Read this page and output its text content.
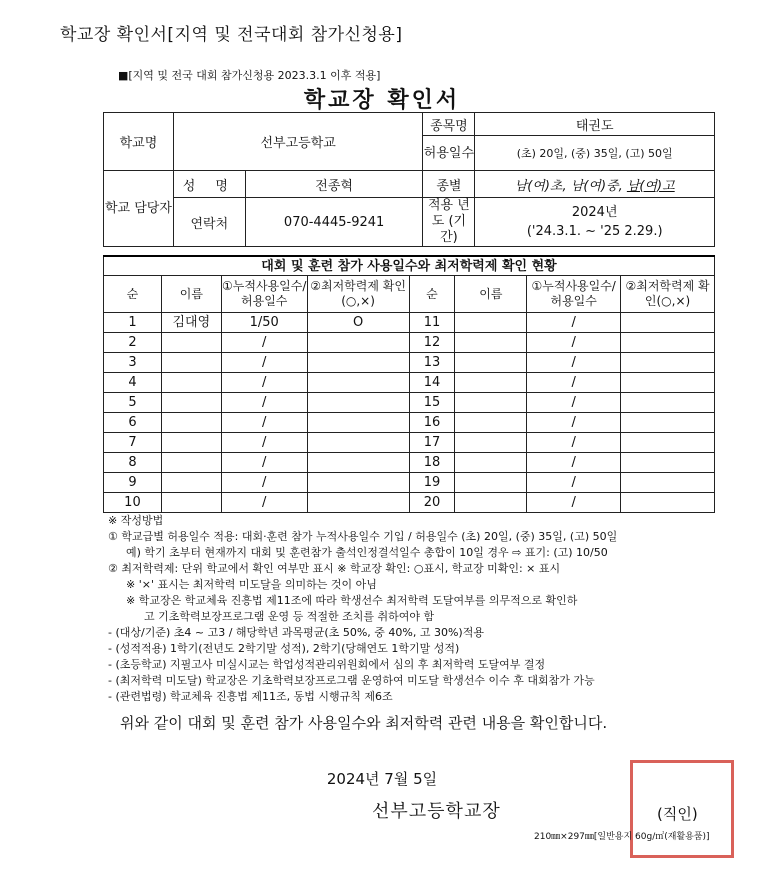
학교장 확인서[지역 및 전국대회 참가신청용]
■[지역 및 전국 대회 참가신청용 2023.3.1 이후 적용]
학교장 확인서
학교명	선부고등학교		종목명	태권도
			허용일수	(초) 20일, (중) 35일, (고) 50일
학교 담당자	성 명	전종혁	종별	남(여)초, 남(여)중, 남(여)고
	연락처	070-4445-9241	적용 년도 (기간)	2024년
('24.3.1. ~ '25 2.29.)
대회 및 훈련 참가 사용일수와 최저학력제 확인 현황							
순	이름	①누적사용일수/허용일수	②최저학력제 확인(○,×)	순	이름	①누적사용일수/허용일수	②최저학력제 확인(○,×)
1	김대영	1/50	O	11		/	
2		/		12		/	
3		/		13		/	
4		/		14		/	
5		/		15		/	
6		/		16		/	
7		/		17		/	
8		/		18		/	
9		/		19		/	
10		/		20		/	
※ 작성방법
① 학교급별 허용일수 적용: 대회·훈련 참가 누적사용일수 기입 / 허용일수 (초) 20일, (중) 35일, (고) 50일
예) 학기 초부터 현재까지 대회 및 훈련참가 출석인정결석일수 총합이 10일 경우 ⇨ 표기: (고) 10/50
② 최저학력제: 단위 학교에서 확인 여부만 표시 ※ 학교장 확인: ○표시, 학교장 미확인: × 표시
※ '×' 표시는 최저학력 미도달을 의미하는 것이 아님
※ 학교장은 학교체육 진흥법 제11조에 따라 학생선수 최저학력 도달여부를 의무적으로 확인하
고 기초학력보장프로그램 운영 등 적절한 조치를 취하여야 함
- (대상/기준) 초4 ~ 고3 / 해당학년 과목평균(초 50%, 중 40%, 고 30%)적용
- (성적적용) 1학기(전년도 2학기말 성적), 2학기(당해연도 1학기말 성적)
- (초등학교) 지필고사 미실시교는 학업성적관리위원회에서 심의 후 최저학력 도달여부 결정
- (최저학력 미도달) 학교장은 기초학력보장프로그램 운영하여 미도달 학생선수 이수 후 대회참가 가능
- (관련법령) 학교체육 진흥법 제11조, 동법 시행규칙 제6조
위와 같이 대회 및 훈련 참가 사용일수와 최저학력 관련 내용을 확인합니다.
2024년 7월 5일
선부고등학교장	(직인)
210㎜×297㎜[일반용지 60g/㎡(재활용품)]
